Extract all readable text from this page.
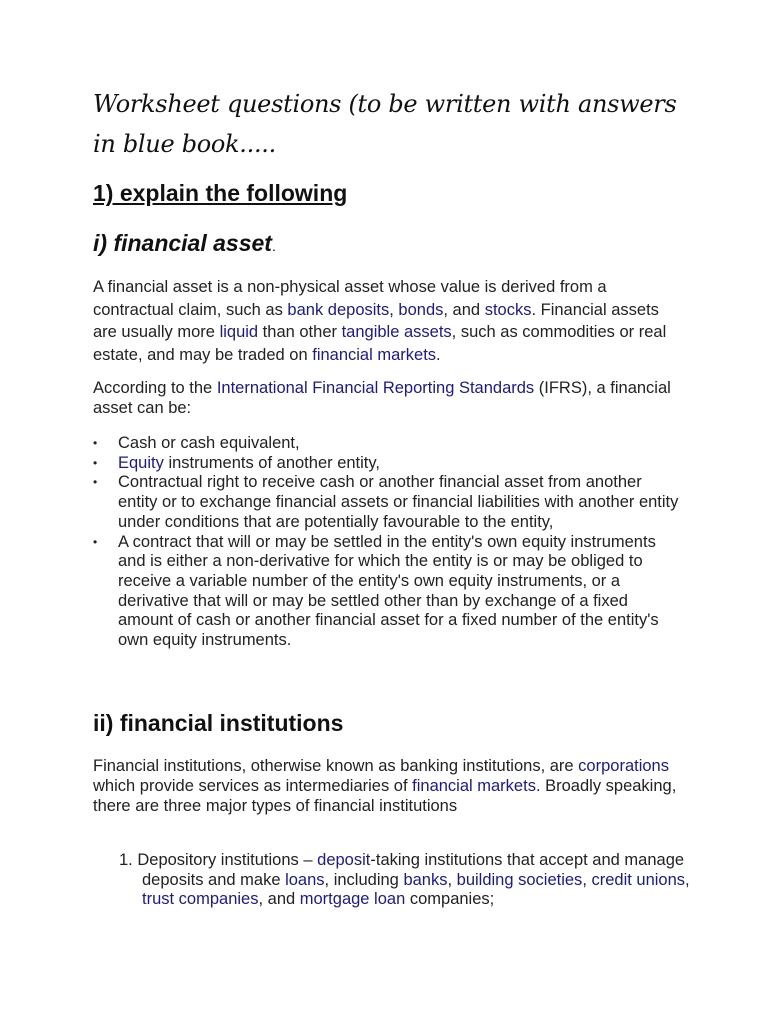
Worksheet questions (to be written with answers in blue book.....
1) explain the following
i) financial asset.

A financial asset is a non-physical asset whose value is derived from a contractual claim, such as bank deposits, bonds, and stocks. Financial assets are usually more liquid than other tangible assets, such as commodities or real estate, and may be traded on financial markets.

According to the International Financial Reporting Standards (IFRS), a financial asset can be:

• Cash or cash equivalent,
• Equity instruments of another entity,
• Contractual right to receive cash or another financial asset from another entity or to exchange financial assets or financial liabilities with another entity under conditions that are potentially favourable to the entity,
• A contract that will or may be settled in the entity's own equity instruments and is either a non-derivative for which the entity is or may be obliged to receive a variable number of the entity's own equity instruments, or a derivative that will or may be settled other than by exchange of a fixed amount of cash or another financial asset for a fixed number of the entity's own equity instruments.
ii) financial institutions

Financial institutions, otherwise known as banking institutions, are corporations which provide services as intermediaries of financial markets. Broadly speaking, there are three major types of financial institutions

1. Depository institutions – deposit-taking institutions that accept and manage deposits and make loans, including banks, building societies, credit unions, trust companies, and mortgage loan companies;
